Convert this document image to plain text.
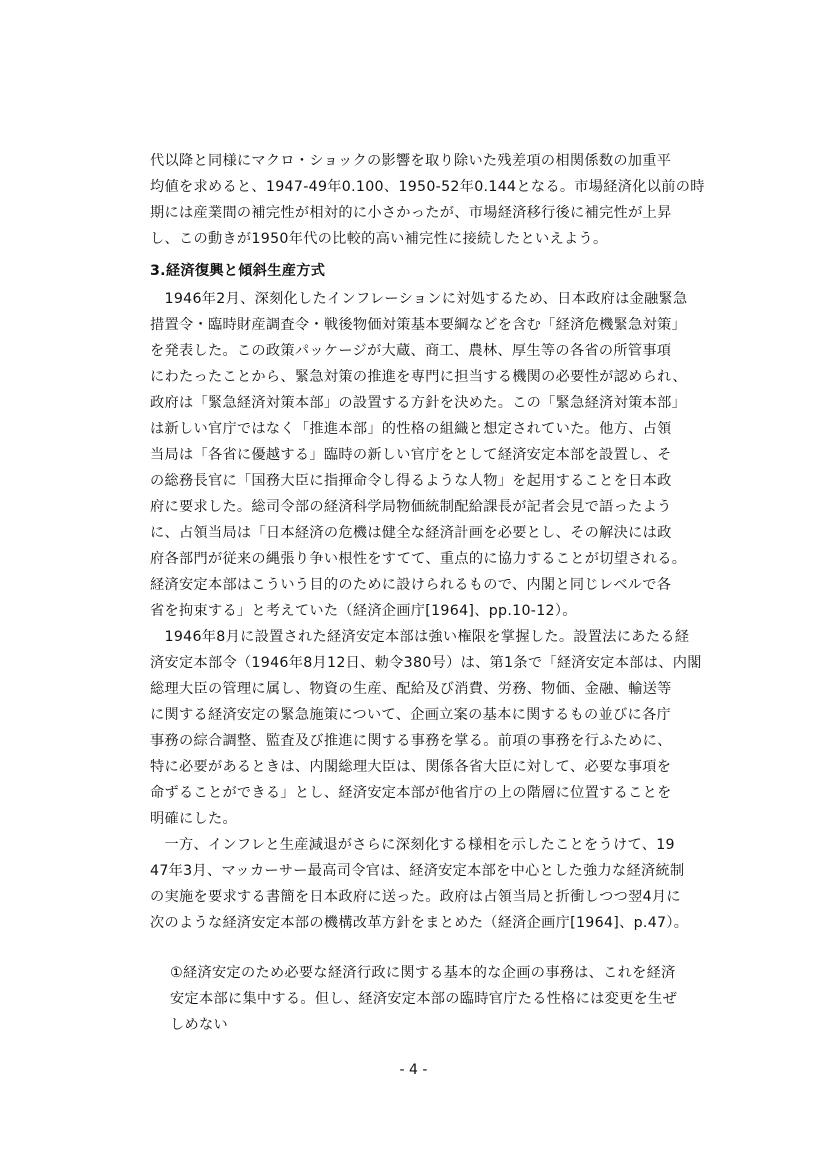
代以降と同様にマクロ・ショックの影響を取り除いた残差項の相関係数の加重平
均値を求めると、1947-49年0.100、1950-52年0.144となる。市場経済化以前の時
期には産業間の補完性が相対的に小さかったが、市場経済移行後に補完性が上昇
し、この動きが1950年代の比較的高い補完性に接続したといえよう。
3.経済復興と傾斜生産方式
　1946年2月、深刻化したインフレーションに対処するため、日本政府は金融緊急
措置令・臨時財産調査令・戦後物価対策基本要綱などを含む「経済危機緊急対策」
を発表した。この政策パッケージが大蔵、商工、農林、厚生等の各省の所管事項
にわたったことから、緊急対策の推進を専門に担当する機関の必要性が認められ、
政府は「緊急経済対策本部」の設置する方針を決めた。この「緊急経済対策本部」
は新しい官庁ではなく「推進本部」的性格の組織と想定されていた。他方、占領
当局は「各省に優越する」臨時の新しい官庁をとして経済安定本部を設置し、そ
の総務長官に「国務大臣に指揮命令し得るような人物」を起用することを日本政
府に要求した。総司令部の経済科学局物価統制配給課長が記者会見で語ったよう
に、占領当局は「日本経済の危機は健全な経済計画を必要とし、その解決には政
府各部門が従来の縄張り争い根性をすてて、重点的に協力することが切望される。
経済安定本部はこういう目的のために設けられるもので、内閣と同じレベルで各
省を拘束する」と考えていた（経済企画庁[1964]、pp.10-12）。
　1946年8月に設置された経済安定本部は強い権限を掌握した。設置法にあたる経
済安定本部令（1946年8月12日、勅令380号）は、第1条で「経済安定本部は、内閣
総理大臣の管理に属し、物資の生産、配給及び消費、労務、物価、金融、輸送等
に関する経済安定の緊急施策について、企画立案の基本に関するもの並びに各庁
事務の綜合調整、監査及び推進に関する事務を掌る。前項の事務を行ふために、
特に必要があるときは、内閣総理大臣は、関係各省大臣に対して、必要な事項を
命ずることができる」とし、経済安定本部が他省庁の上の階層に位置することを
明確にした。
　一方、インフレと生産減退がさらに深刻化する様相を示したことをうけて、19
47年3月、マッカーサー最高司令官は、経済安定本部を中心とした強力な経済統制
の実施を要求する書簡を日本政府に送った。政府は占領当局と折衝しつつ翌4月に
次のような経済安定本部の機構改革方針をまとめた（経済企画庁[1964]、p.47）。
①経済安定のため必要な経済行政に関する基本的な企画の事務は、これを経済
安定本部に集中する。但し、経済安定本部の臨時官庁たる性格には変更を生ぜ
しめない
- 4 -
